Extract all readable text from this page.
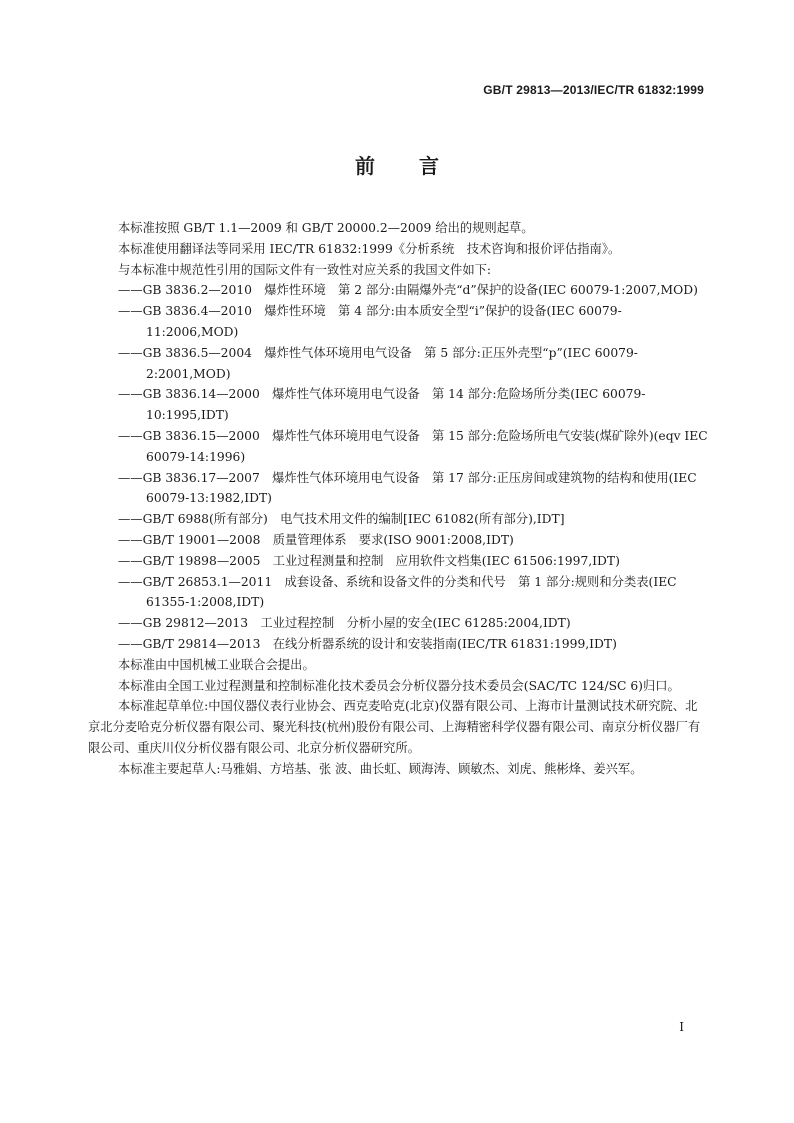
GB/T 29813—2013/IEC/TR 61832:1999
前言

本标准按照 GB/T 1.1—2009 和 GB/T 20000.2—2009 给出的规则起草。

本标准使用翻译法等同采用 IEC/TR 61832:1999《分析系统　技术咨询和报价评估指南》。

与本标准中规范性引用的国际文件有一致性对应关系的我国文件如下:

——GB 3836.2—2010　爆炸性环境　第 2 部分:由隔爆外壳“d”保护的设备(IEC 60079-1:2007,MOD)

——GB 3836.4—2010　爆炸性环境　第 4 部分:由本质安全型“i”保护的设备(IEC 60079-11:2006,MOD)

——GB 3836.5—2004　爆炸性气体环境用电气设备　第 5 部分:正压外壳型“p”(IEC 60079-2:2001,MOD)

——GB 3836.14—2000　爆炸性气体环境用电气设备　第 14 部分:危险场所分类(IEC 60079-10:1995,IDT)

——GB 3836.15—2000　爆炸性气体环境用电气设备　第 15 部分:危险场所电气安装(煤矿除外)(eqv IEC 60079-14:1996)

——GB 3836.17—2007　爆炸性气体环境用电气设备　第 17 部分:正压房间或建筑物的结构和使用(IEC 60079-13:1982,IDT)

——GB/T 6988(所有部分)　电气技术用文件的编制[IEC 61082(所有部分),IDT]

——GB/T 19001—2008　质量管理体系　要求(ISO 9001:2008,IDT)

——GB/T 19898—2005　工业过程测量和控制　应用软件文档集(IEC 61506:1997,IDT)

——GB/T 26853.1—2011　成套设备、系统和设备文件的分类和代号　第 1 部分:规则和分类表(IEC 61355-1:2008,IDT)

——GB 29812—2013　工业过程控制　分析小屋的安全(IEC 61285:2004,IDT)

——GB/T 29814—2013　在线分析器系统的设计和安装指南(IEC/TR 61831:1999,IDT)

本标准由中国机械工业联合会提出。

本标准由全国工业过程测量和控制标准化技术委员会分析仪器分技术委员会(SAC/TC 124/SC 6)归口。

本标准起草单位:中国仪器仪表行业协会、西克麦哈克(北京)仪器有限公司、上海市计量测试技术研究院、北京北分麦哈克分析仪器有限公司、聚光科技(杭州)股份有限公司、上海精密科学仪器有限公司、南京分析仪器厂有限公司、重庆川仪分析仪器有限公司、北京分析仪器研究所。

本标准主要起草人:马雅娟、方培基、张 波、曲长虹、顾海涛、顾敏杰、刘虎、熊彬烽、姜兴军。

I
